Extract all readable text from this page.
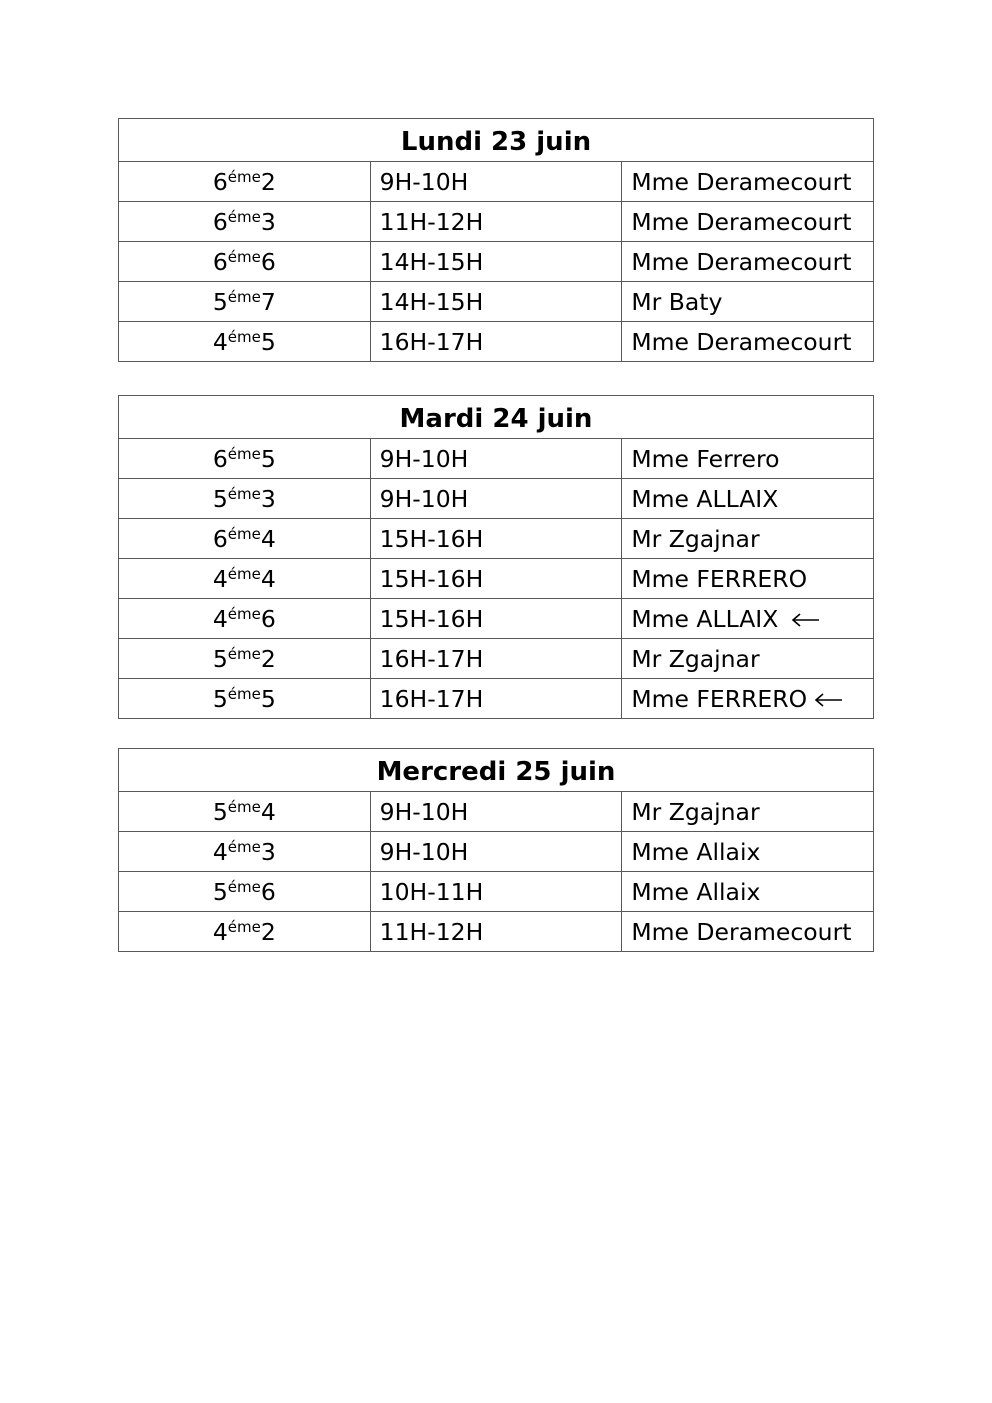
Lundi 23 juin		
$6^{éme}2$	9H-10H	Mme Deramecourt
$6^{éme}3$	11H-12H	Mme Deramecourt
$6^{éme}6$	14H-15H	Mme Deramecourt
$5^{éme}7$	14H-15H	Mr Baty
$4^{éme}5$	16H-17H	Mme Deramecourt
Mardi 24 juin		
$6^{éme}5$	9H-10H	Mme Ferrero
$5^{éme}3$	9H-10H	Mme ALLAIX
$6^{éme}4$	15H-16H	Mr Zgajnar
$4^{éme}4$	15H-16H	Mme FERRERO
$4^{éme}6$	15H-16H	Mme ALLAIX
$5^{éme}2$	16H-17H	Mr Zgajnar
$5^{éme}5$	16H-17H	Mme FERRERO
Mercredi 25 juin		
$5^{éme}4$	9H-10H	Mr Zgajnar
$4^{éme}3$	9H-10H	Mme Allaix
$5^{éme}6$	10H-11H	Mme Allaix
$4^{éme}2$	11H-12H	Mme Deramecourt
